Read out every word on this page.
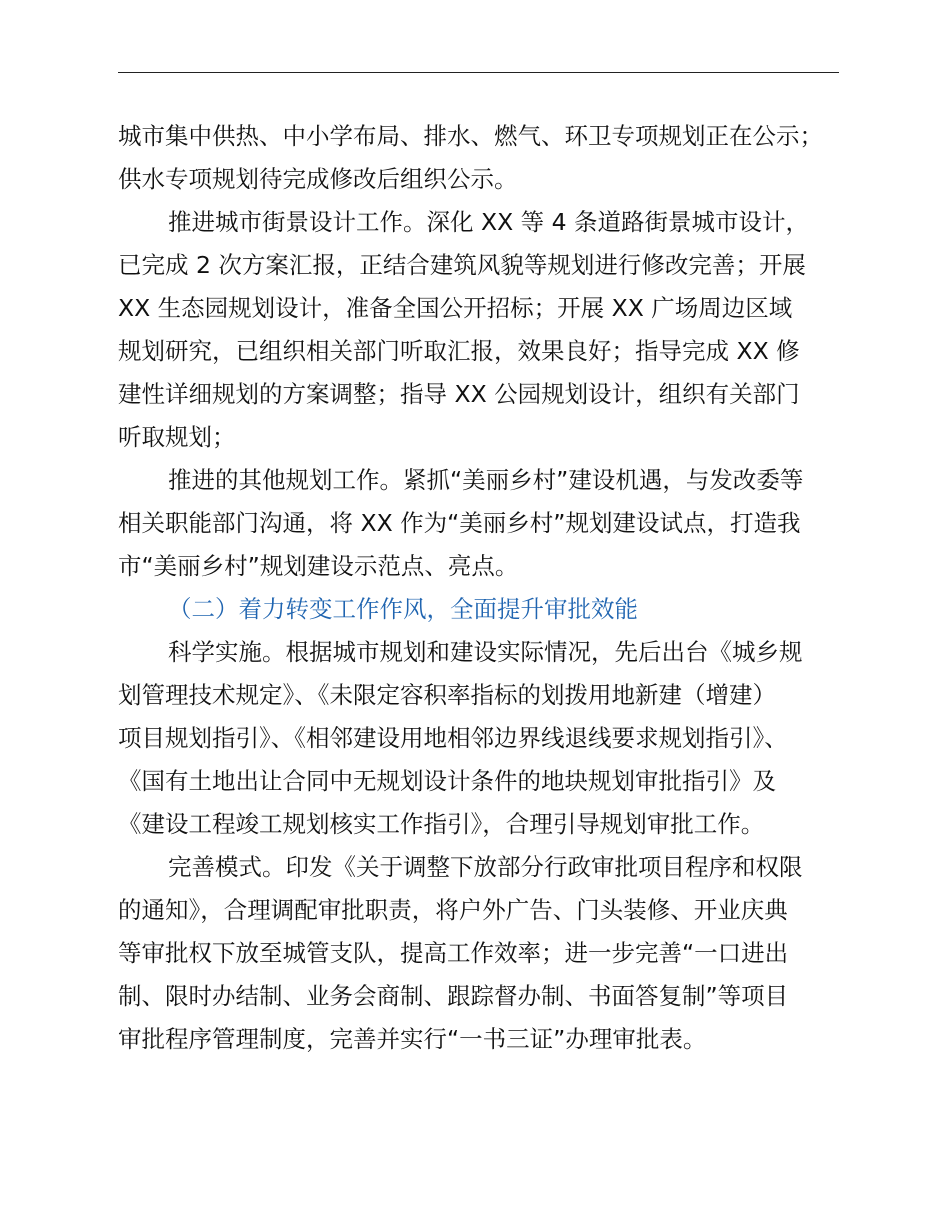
城市集中供热、中小学布局、排水、燃气、环卫专项规划正在公示；
供水专项规划待完成修改后组织公示。
推进城市街景设计工作。深化 XX 等 4 条道路街景城市设计，
已完成 2 次方案汇报，正结合建筑风貌等规划进行修改完善；开展
XX 生态园规划设计，准备全国公开招标；开展 XX 广场周边区域
规划研究，已组织相关部门听取汇报，效果良好；指导完成 XX 修
建性详细规划的方案调整；指导 XX 公园规划设计，组织有关部门
听取规划；
推进的其他规划工作。紧抓“美丽乡村”建设机遇，与发改委等
相关职能部门沟通，将 XX 作为“美丽乡村”规划建设试点，打造我
市“美丽乡村”规划建设示范点、亮点。
（二）着力转变工作作风，全面提升审批效能
科学实施。根据城市规划和建设实际情况，先后出台《城乡规
划管理技术规定》、《未限定容积率指标的划拨用地新建（增建）
项目规划指引》、《相邻建设用地相邻边界线退线要求规划指引》、
《国有土地出让合同中无规划设计条件的地块规划审批指引》及
《建设工程竣工规划核实工作指引》，合理引导规划审批工作。
完善模式。印发《关于调整下放部分行政审批项目程序和权限
的通知》，合理调配审批职责，将户外广告、门头装修、开业庆典
等审批权下放至城管支队，提高工作效率；进一步完善“一口进出
制、限时办结制、业务会商制、跟踪督办制、书面答复制”等项目
审批程序管理制度，完善并实行“一书三证”办理审批表。
